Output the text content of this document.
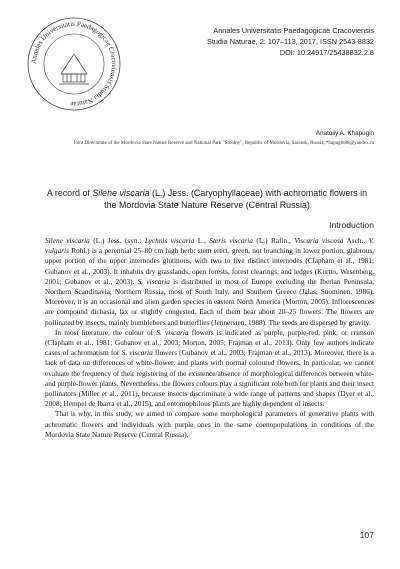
Annales Universitatis Paedagogicae Cracoviensis Studia Naturae
Annales Universitatis Paedagogicae Cracoviensis
Studia Naturae, 2: 107–113, 2017, ISSN 2543-8832
DOI: 10.24917/25438832.2.8
Anatoliy A. Khapugin
Joint Directorate of the Mordovia State Nature Reserve and National Park "Smolny", Republic of Mordovia, Saransk, Russia, *hapugin88@yandex.ru
A record of Silene viscaria (L.) Jess. (Caryophyllaceae) with achromatic flowers in the Mordovia State Nature Reserve (Central Russia)
Introduction

Silene viscaria (L.) Jess. (syn.: Lychnis viscaria L., Steris viscaria (L.) Rafin., Viscaria viscosa Asch., V. vulgaris Rohl.) is a perennial 25–80 cm high herb: stem erect, green, not branching in lower portion, glabrous, upper portion of the upper internodes glutinous, with two to five distinct internodes (Clapham et al., 1981; Gubanov et al., 2003). It inhabits dry grasslands, open forests, forest clearings, and ledges (Kurtto, Wesenberg, 2001; Gubanov et al., 2003). S. viscaria is distributed in most of Europe excluding the Iberian Peninsula, Northern Scandinavia, Northern Russia, most of South Italy, and Southern Greece (Jalas, Suominen, 1986). Moreover, it is an occasional and alien garden species in eastern North America (Morton, 2005). Inflorescences are compound dichasia, lax or slightly congested. Each of them bear about 20–25 flowers. The flowers are pollinated by insects, mainly bumblebees and butterflies (Jennersten, 1988). The seeds are dispersed by gravity.

In most literature, the colour of S. viscaria flowers is indicated as purple, purple-red, pink, or crimson (Clapham et al., 1981; Gubanov et al., 2003; Morton, 2005; Frajman et al., 2013). Only few authors indicate cases of achromatism for S. viscaria flowers (Gubanov et al., 2003; Frajman et al., 2013). Moreover, there is a lack of data on differences of white-flower, and plants with normal coloured flowers. In particular, we cannot evaluate the frequency of their registering of the existence/absence of morphological differences between white- and purple-flower plants. Nevertheless, the flowers colours play a significant role both for plants and their insect pollinators (Miller et al., 2011), because insects discriminate a wide range of patterns and shapes (Dyer et al., 2008; Hempel de Ibarra et al., 2015), and entomophilous plants are highly dependent of insects.

That is why, in this study, we aimed to compare some morphological parameters of generative plants with achromatic flowers and individuals with purple ones in the same coenopopulations in conditions of the Mordovia State Nature Reserve (Central Russia).

107
